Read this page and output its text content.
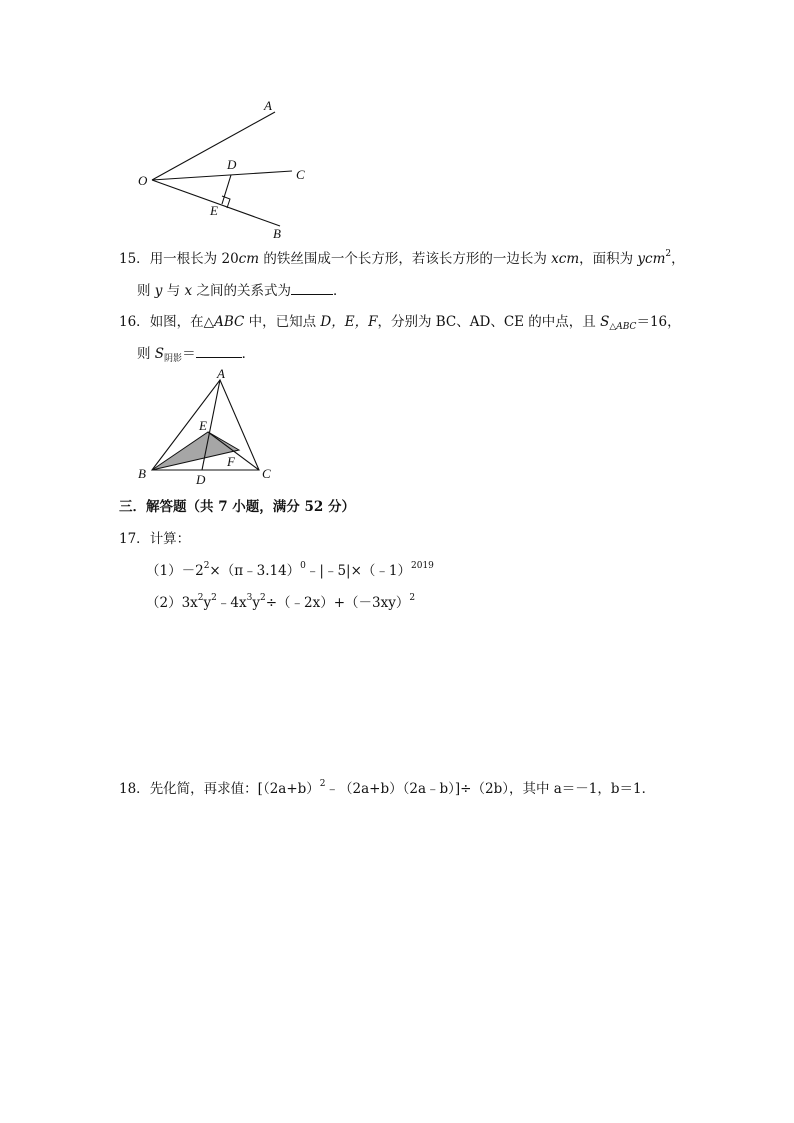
A
O
D
C
E
B
15．用一根长为 20cm 的铁丝围成一个长方形，若该长方形的一边长为 xcm，面积为 ycm$^2$，
则 y 与 x 之间的关系式为	．
16．如图，在△ABC 中，已知点 D，E，F，分别为 BC、AD、CE 的中点，且 $S_{\triangle ABC}=16$，
则 $S_{阴影}=$	．
A
E
F
B	D	C
三．解答题（共 7 小题，满分 52 分）
17．计算：
$(1)-2^2\times(\pi﹣3.14)^0﹣|﹣5|\times(﹣1)^{2019}$
$(2)3x^2y^2﹣4x^3y^2\div(﹣2x)+(-3xy)^2$
18．先化简，再求值：$[(2a+b)^2﹣(2a+b)(2a﹣b)]\div(2b)$，其中 a＝－1，b＝1．
